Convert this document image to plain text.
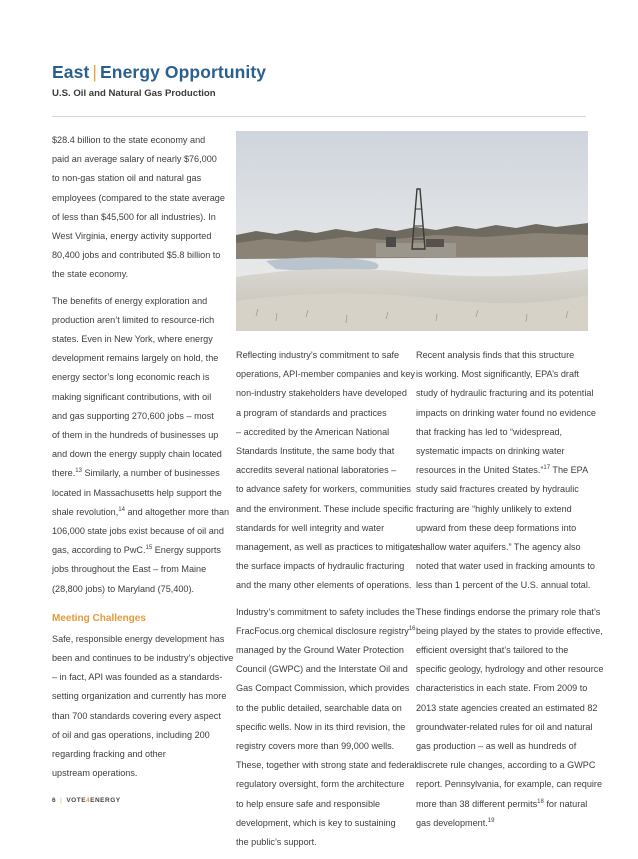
East | Energy Opportunity
U.S. Oil and Natural Gas Production

$28.4 billion to the state economy and
paid an average salary of nearly $76,000
to non-gas station oil and natural gas
employees (compared to the state average
of less than $45,500 for all industries). In
West Virginia, energy activity supported
80,400 jobs and contributed $5.8 billion to
the state economy.

The benefits of energy exploration and
production aren’t limited to resource-rich
states. Even in New York, where energy
development remains largely on hold, the
energy sector’s long economic reach is
making significant contributions, with oil
and gas supporting 270,600 jobs – most
of them in the hundreds of businesses up
and down the energy supply chain located
there.$^{13}$ Similarly, a number of businesses
located in Massachusetts help support the
shale revolution,$^{14}$ and altogether more than
106,000 state jobs exist because of oil and
gas, according to PwC.$^{15}$ Energy supports
jobs throughout the East – from Maine
(28,800 jobs) to Maryland (75,400).

Meeting Challenges

Safe, responsible energy development has
been and continues to be industry’s objective
– in fact, API was founded as a standards-
setting organization and currently has more
than 700 standards covering every aspect
of oil and gas operations, including 200
regarding fracking and other
upstream operations.

Reflecting industry’s commitment to safe
operations, API-member companies and key
non-industry stakeholders have developed
a program of standards and practices
– accredited by the American National
Standards Institute, the same body that
accredits several national laboratories –
to advance safety for workers, communities
and the environment. These include specific
standards for well integrity and water
management, as well as practices to mitigate
the surface impacts of hydraulic fracturing
and the many other elements of operations.

Industry’s commitment to safety includes the
FracFocus.org chemical disclosure registry$^{16}$
managed by the Ground Water Protection
Council (GWPC) and the Interstate Oil and
Gas Compact Commission, which provides
to the public detailed, searchable data on
specific wells. Now in its third revision, the
registry covers more than 99,000 wells.
These, together with strong state and federal
regulatory oversight, form the architecture
to help ensure safe and responsible
development, which is key to sustaining
the public’s support.

Recent analysis finds that this structure
is working. Most significantly, EPA’s draft
study of hydraulic fracturing and its potential
impacts on drinking water found no evidence
that fracking has led to “widespread,
systematic impacts on drinking water
resources in the United States.”$^{17}$ The EPA
study said fractures created by hydraulic
fracturing are “highly unlikely to extend
upward from these deep formations into
shallow water aquifers.” The agency also
noted that water used in fracking amounts to
less than 1 percent of the U.S. annual total.

These findings endorse the primary role that’s
being played by the states to provide effective,
efficient oversight that’s tailored to the
specific geology, hydrology and other resource
characteristics in each state. From 2009 to
2013 state agencies created an estimated 82
groundwater-related rules for oil and natural
gas production – as well as hundreds of
discrete rule changes, according to a GWPC
report. Pennsylvania, for example, can require
more than 38 different permits$^{18}$ for natural
gas development.$^{19}$

6 | VOTE4ENERGY
